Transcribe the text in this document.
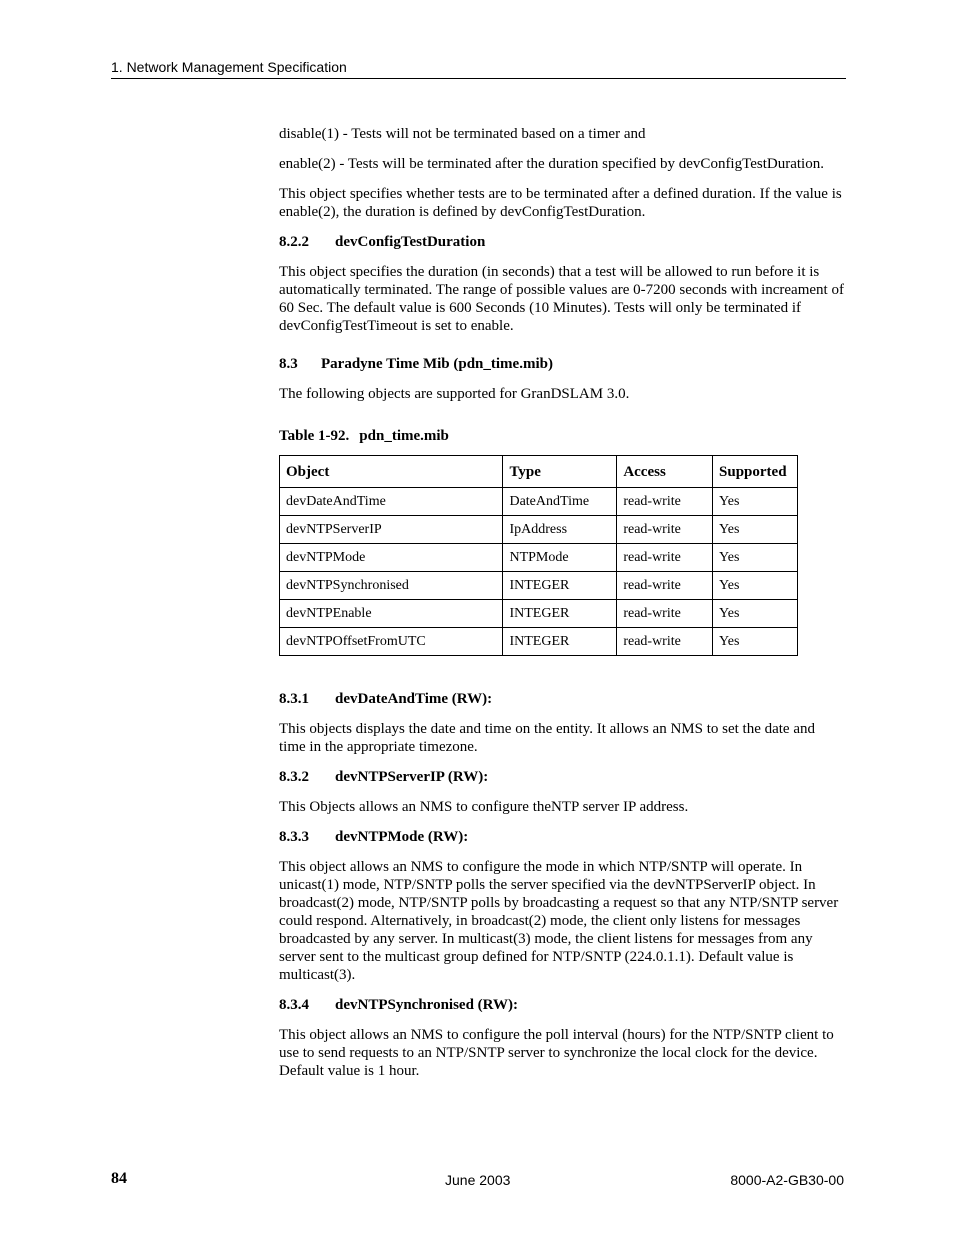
1. Network Management Specification

disable(1) - Tests will not be terminated based on a timer and

enable(2) - Tests will be terminated after the duration specified by devConfigTestDuration.

This object specifies whether tests are to be terminated after a defined duration. If the value is enable(2), the duration is defined by devConfigTestDuration.

8.2.2 devConfigTestDuration

This object specifies the duration (in seconds) that a test will be allowed to run before it is automatically terminated. The range of possible values are 0-7200 seconds with increament of 60 Sec. The default value is 600 Seconds (10 Minutes). Tests will only be terminated if devConfigTestTimeout is set to enable.

8.3 Paradyne Time Mib (pdn_time.mib)

The following objects are supported for GranDSLAM 3.0.

Table 1-92. pdn_time.mib
Object	Type	Access	Supported
devDateAndTime	DateAndTime	read-write	Yes
devNTPServerIP	IpAddress	read-write	Yes
devNTPMode	NTPMode	read-write	Yes
devNTPSynchronised	INTEGER	read-write	Yes
devNTPEnable	INTEGER	read-write	Yes
devNTPOffsetFromUTC	INTEGER	read-write	Yes
8.3.1 devDateAndTime (RW):

This objects displays the date and time on the entity. It allows an NMS to set the date and time in the appropriate timezone.

8.3.2 devNTPServerIP (RW):

This Objects allows an NMS to configure theNTP server IP address.

8.3.3 devNTPMode (RW):

This object allows an NMS to configure the mode in which NTP/SNTP will operate. In unicast(1) mode, NTP/SNTP polls the server specified via the devNTPServerIP object. In broadcast(2) mode, NTP/SNTP polls by broadcasting a request so that any NTP/SNTP server could respond. Alternatively, in broadcast(2) mode, the client only listens for messages broadcasted by any server. In multicast(3) mode, the client listens for messages from any server sent to the multicast group defined for NTP/SNTP (224.0.1.1). Default value is multicast(3).

8.3.4 devNTPSynchronised (RW):

This object allows an NMS to configure the poll interval (hours) for the NTP/SNTP client to use to send requests to an NTP/SNTP server to synchronize the local clock for the device. Default value is 1 hour.

84	June 2003	8000-A2-GB30-00
